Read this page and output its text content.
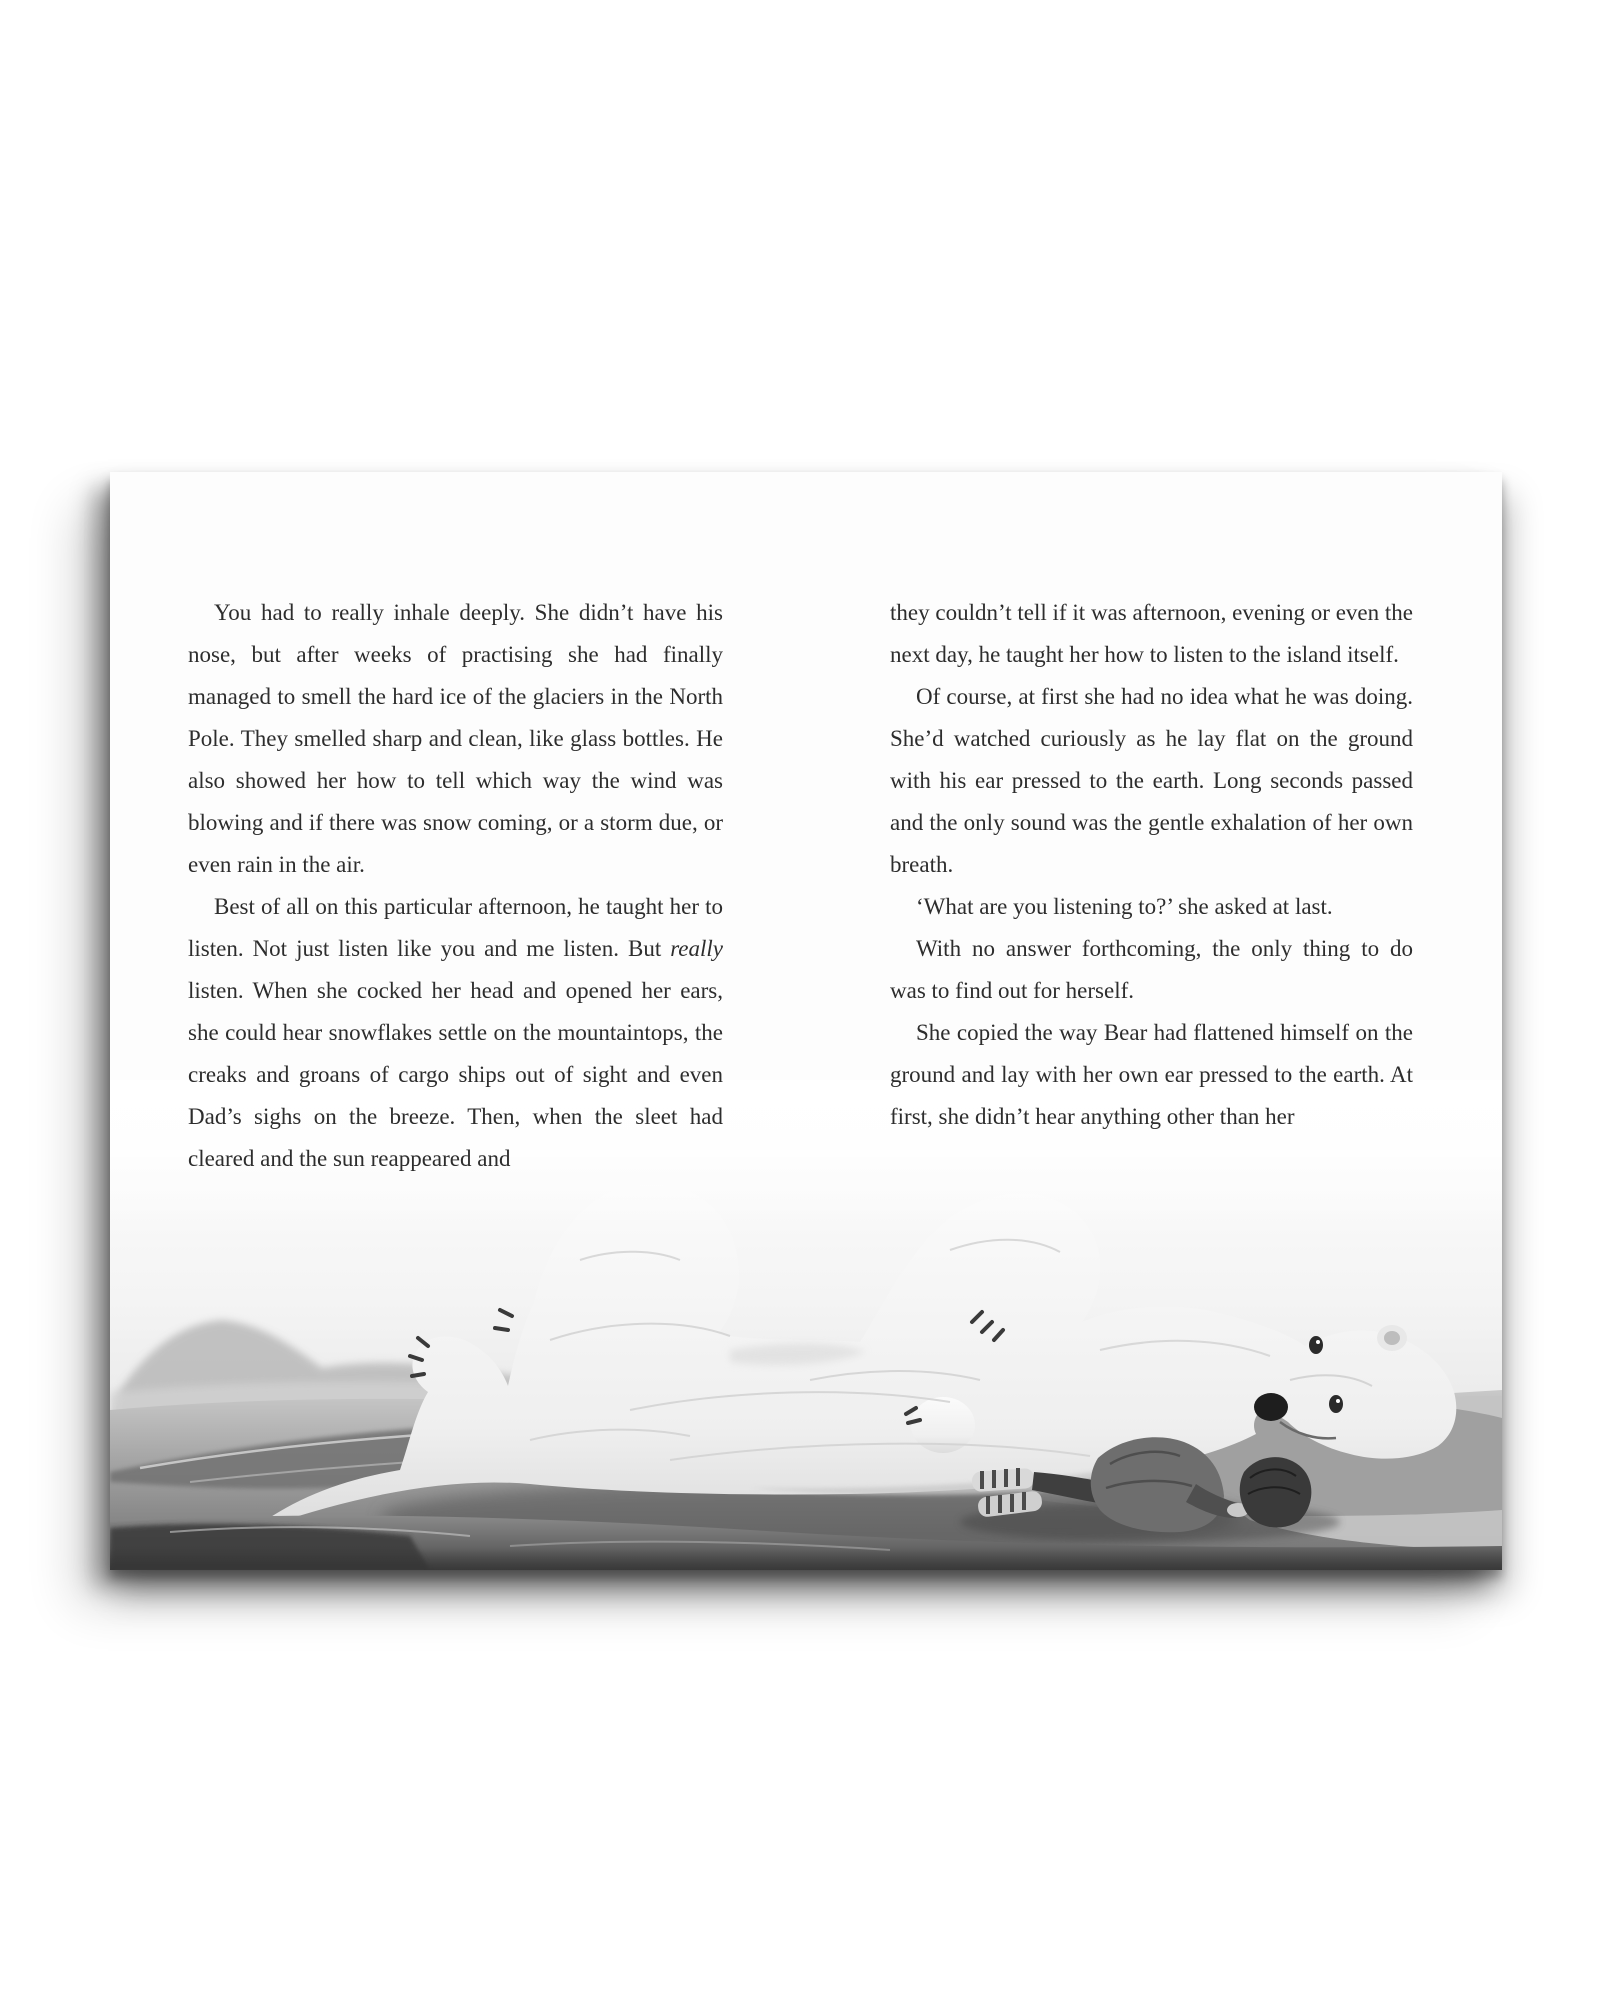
You had to really inhale deeply. She didn’t have his nose, but after weeks of practising she had finally managed to smell the hard ice of the glaciers in the North Pole. They smelled sharp and clean, like glass bottles. He also showed her how to tell which way the wind was blowing and if there was snow coming, or a storm due, or even rain in the air.

Best of all on this particular afternoon, he taught her to listen. Not just listen like you and me listen. But really listen. When she cocked her head and opened her ears, she could hear snowflakes settle on the mountaintops, the creaks and groans of cargo ships out of sight and even Dad’s sighs on the breeze. Then, when the sleet had cleared and the sun reappeared and

they couldn’t tell if it was afternoon, evening or even the next day, he taught her how to listen to the island itself.

Of course, at first she had no idea what he was doing. She’d watched curiously as he lay flat on the ground with his ear pressed to the earth. Long seconds passed and the only sound was the gentle exhalation of her own breath.

‘What are you listening to?’ she asked at last.

With no answer forthcoming, the only thing to do was to find out for herself.

She copied the way Bear had flattened himself on the ground and lay with her own ear pressed to the earth. At first, she didn’t hear anything other than her
